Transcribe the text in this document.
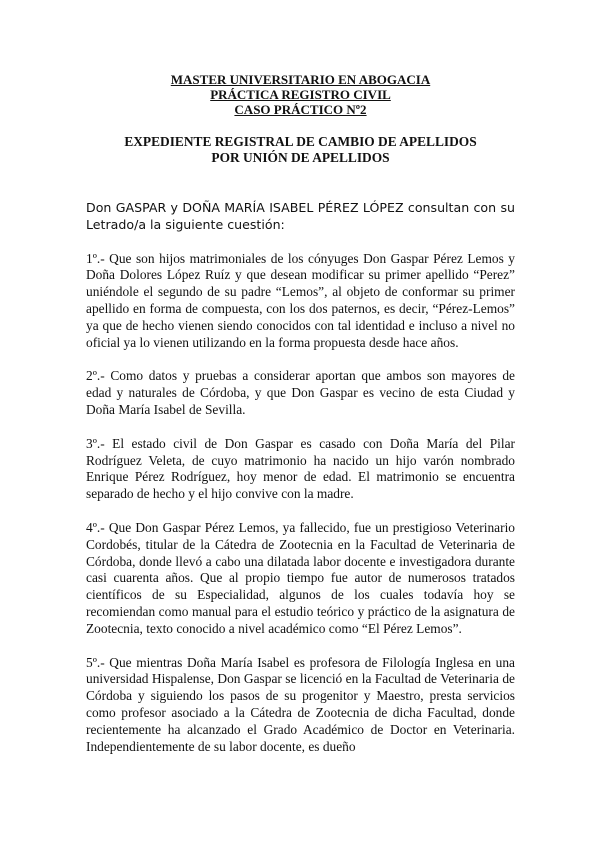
MASTER UNIVERSITARIO EN ABOGACIA
PRÁCTICA REGISTRO CIVIL
CASO PRÁCTICO Nº2
EXPEDIENTE REGISTRAL DE CAMBIO DE APELLIDOS
POR UNIÓN DE APELLIDOS

Don GASPAR y DOÑA MARÍA ISABEL PÉREZ LÓPEZ consultan con su Letrado/a la siguiente cuestión:

1º.- Que son hijos matrimoniales de los cónyuges Don Gaspar Pérez Lemos y Doña Dolores López Ruíz y que desean modificar su primer apellido “Perez” uniéndole el segundo de su padre “Lemos”, al objeto de conformar su primer apellido en forma de compuesta, con los dos paternos, es decir, “Pérez-Lemos” ya que de hecho vienen siendo conocidos con tal identidad e incluso a nivel no oficial ya lo vienen utilizando en la forma propuesta desde hace años.

2º.- Como datos y pruebas a considerar aportan que ambos son mayores de edad y naturales de Córdoba, y que Don Gaspar es vecino de esta Ciudad y Doña María Isabel de Sevilla.

3º.- El estado civil de Don Gaspar es casado con Doña María del Pilar Rodríguez Veleta, de cuyo matrimonio ha nacido un hijo varón nombrado Enrique Pérez Rodríguez, hoy menor de edad. El matrimonio se encuentra separado de hecho y el hijo convive con la madre.

4º.- Que Don Gaspar Pérez Lemos, ya fallecido, fue un prestigioso Veterinario Cordobés, titular de la Cátedra de Zootecnia en la Facultad de Veterinaria de Córdoba, donde llevó a cabo una dilatada labor docente e investigadora durante casi cuarenta años. Que al propio tiempo fue autor de numerosos tratados científicos de su Especialidad, algunos de los cuales todavía hoy se recomiendan como manual para el estudio teórico y práctico de la asignatura de Zootecnia, texto conocido a nivel académico como “El Pérez Lemos”.

5º.- Que mientras Doña María Isabel es profesora de Filología Inglesa en una universidad Hispalense, Don Gaspar se licenció en la Facultad de Veterinaria de Córdoba y siguiendo los pasos de su progenitor y Maestro, presta servicios como profesor asociado a la Cátedra de Zootecnia de dicha Facultad, donde recientemente ha alcanzado el Grado Académico de Doctor en Veterinaria. Independientemente de su labor docente, es dueño
